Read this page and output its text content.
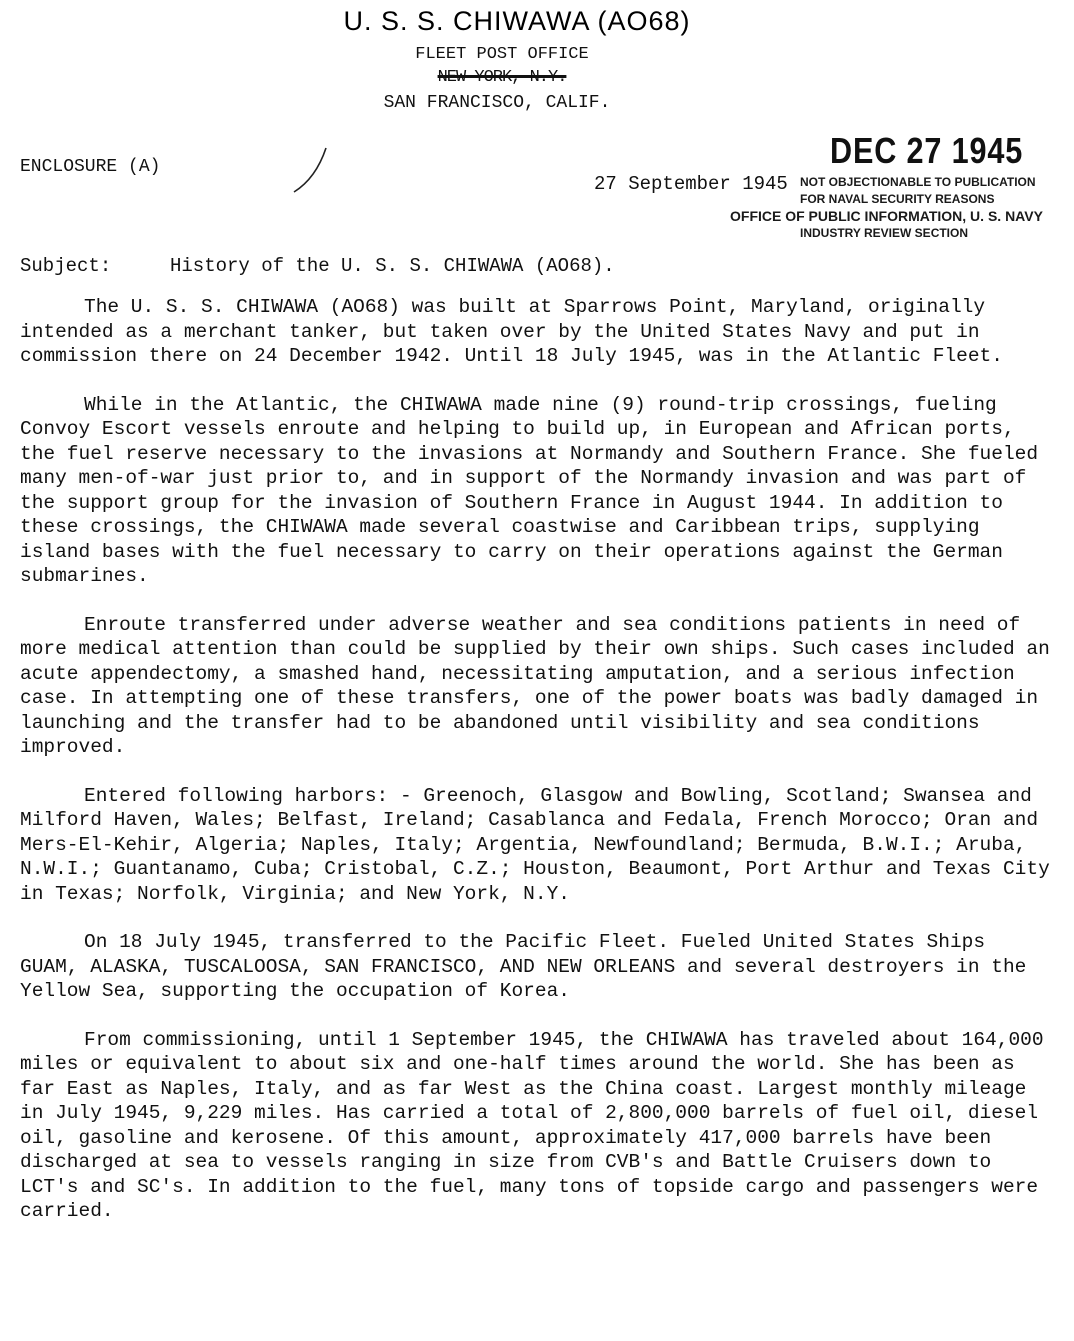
U. S. S. CHIWAWA (AO68)
FLEET POST OFFICE
NEW YORK, N.Y.
SAN FRANCISCO, CALIF.
ENCLOSURE (A)
27 September 1945
DEC 27 1945
NOT OBJECTIONABLE TO PUBLICATION
FOR NAVAL SECURITY REASONS
OFFICE OF PUBLIC INFORMATION, U. S. NAVY
INDUSTRY REVIEW SECTION
Subject:	History of the U. S. S. CHIWAWA (AO68).

The U. S. S. CHIWAWA (AO68) was built at Sparrows Point, Maryland, originally intended as a merchant tanker, but taken over by the United States Navy and put in commission there on 24 December 1942. Until 18 July 1945, was in the Atlantic Fleet.

While in the Atlantic, the CHIWAWA made nine (9) round-trip crossings, fueling Convoy Escort vessels enroute and helping to build up, in European and African ports, the fuel reserve necessary to the invasions at Normandy and Southern France. She fueled many men-of-war just prior to, and in support of the Normandy invasion and was part of the support group for the invasion of Southern France in August 1944. In addition to these crossings, the CHIWAWA made several coastwise and Caribbean trips, supplying island bases with the fuel necessary to carry on their operations against the German submarines.

Enroute transferred under adverse weather and sea conditions patients in need of more medical attention than could be supplied by their own ships. Such cases included an acute appendectomy, a smashed hand, necessitating amputation, and a serious infection case. In attempting one of these transfers, one of the power boats was badly damaged in launching and the transfer had to be abandoned until visibility and sea conditions improved.

Entered following harbors: - Greenoch, Glasgow and Bowling, Scotland; Swansea and Milford Haven, Wales; Belfast, Ireland; Casablanca and Fedala, French Morocco; Oran and Mers-El-Kehir, Algeria; Naples, Italy; Argentia, Newfoundland; Bermuda, B.W.I.; Aruba, N.W.I.; Guantanamo, Cuba; Cristobal, C.Z.; Houston, Beaumont, Port Arthur and Texas City in Texas; Norfolk, Virginia; and New York, N.Y.

On 18 July 1945, transferred to the Pacific Fleet. Fueled United States Ships GUAM, ALASKA, TUSCALOOSA, SAN FRANCISCO, AND NEW ORLEANS and several destroyers in the Yellow Sea, supporting the occupation of Korea.

From commissioning, until 1 September 1945, the CHIWAWA has traveled about 164,000 miles or equivalent to about six and one-half times around the world. She has been as far East as Naples, Italy, and as far West as the China coast. Largest monthly mileage in July 1945, 9,229 miles. Has carried a total of 2,800,000 barrels of fuel oil, diesel oil, gasoline and kerosene. Of this amount, approximately 417,000 barrels have been discharged at sea to vessels ranging in size from CVB's and Battle Cruisers down to LCT's and SC's. In addition to the fuel, many tons of topside cargo and passengers were carried.
